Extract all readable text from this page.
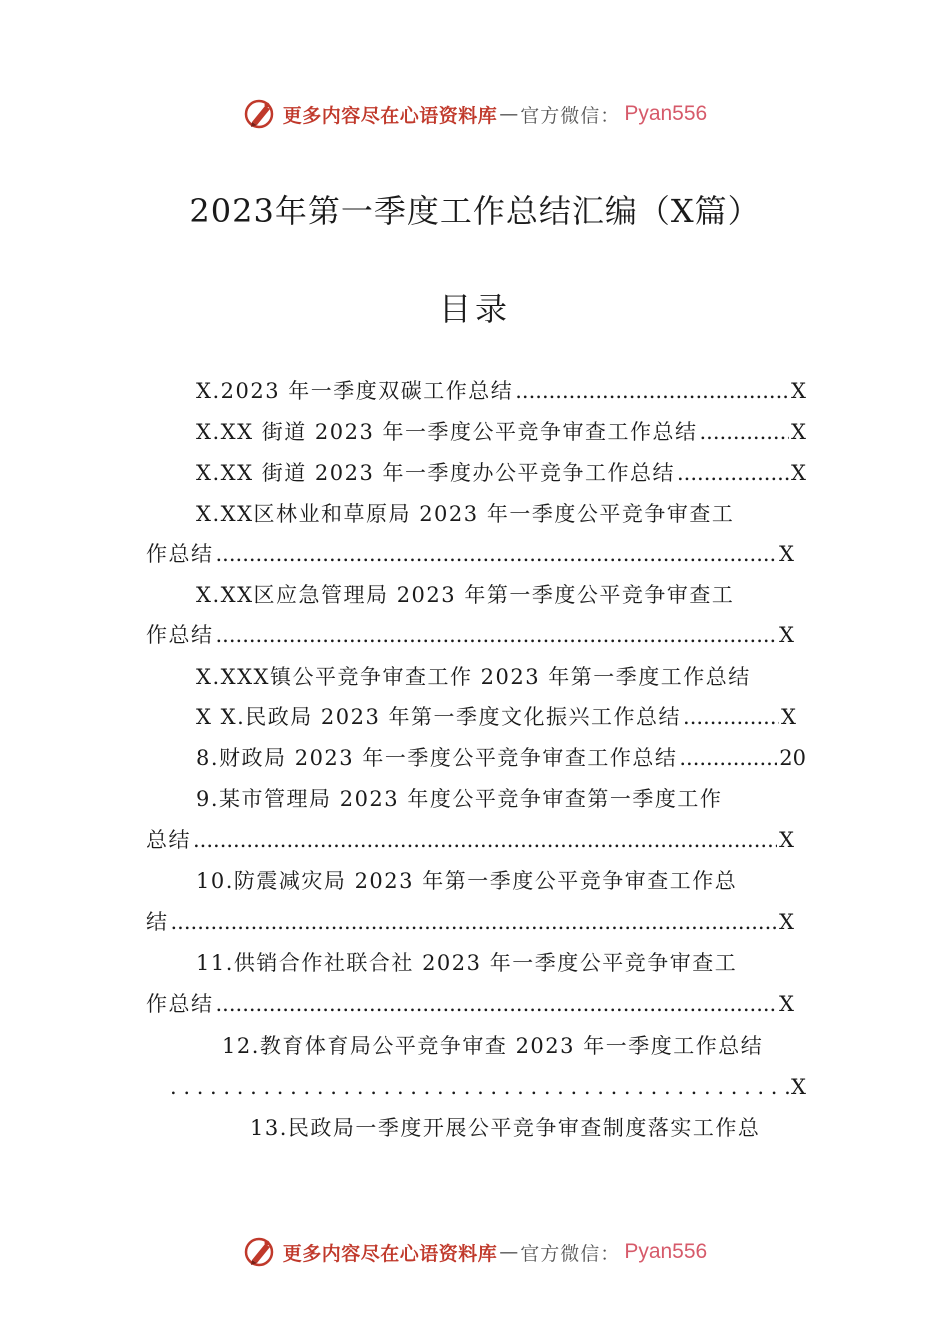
更多内容尽在心语资料库 — 官方微信： Pyan556
2023年第一季度工作总结汇编（X篇）
目录
X.2023 年一季度双碳工作总结 .....	X
X.XX 街道 2023 年一季度公平竞争审查工作总结 .....	X
X.XX 街道 2023 年一季度办公平竞争工作总结 .....	X
X.XX区林业和草原局 2023 年一季度公平竞争审查工
作总结 .....	X
X.XX区应急管理局 2023 年第一季度公平竞争审查工
作总结 .....	X
X.XXX镇公平竞争审查工作 2023 年第一季度工作总结
X X.民政局 2023 年第一季度文化振兴工作总结 .....	X
8.财政局 2023 年一季度公平竞争审查工作总结 .....	20
9.某市管理局 2023 年度公平竞争审查第一季度工作
总结 .....	X
10.防震减灾局 2023 年第一季度公平竞争审查工作总
结 .....	X
11.供销合作社联合社 2023 年一季度公平竞争审查工
作总结 .....	X
12.教育体育局公平竞争审查 2023 年一季度工作总结
. . .
X
13.民政局一季度开展公平竞争审查制度落实工作总
更多内容尽在心语资料库 — 官方微信： Pyan556
